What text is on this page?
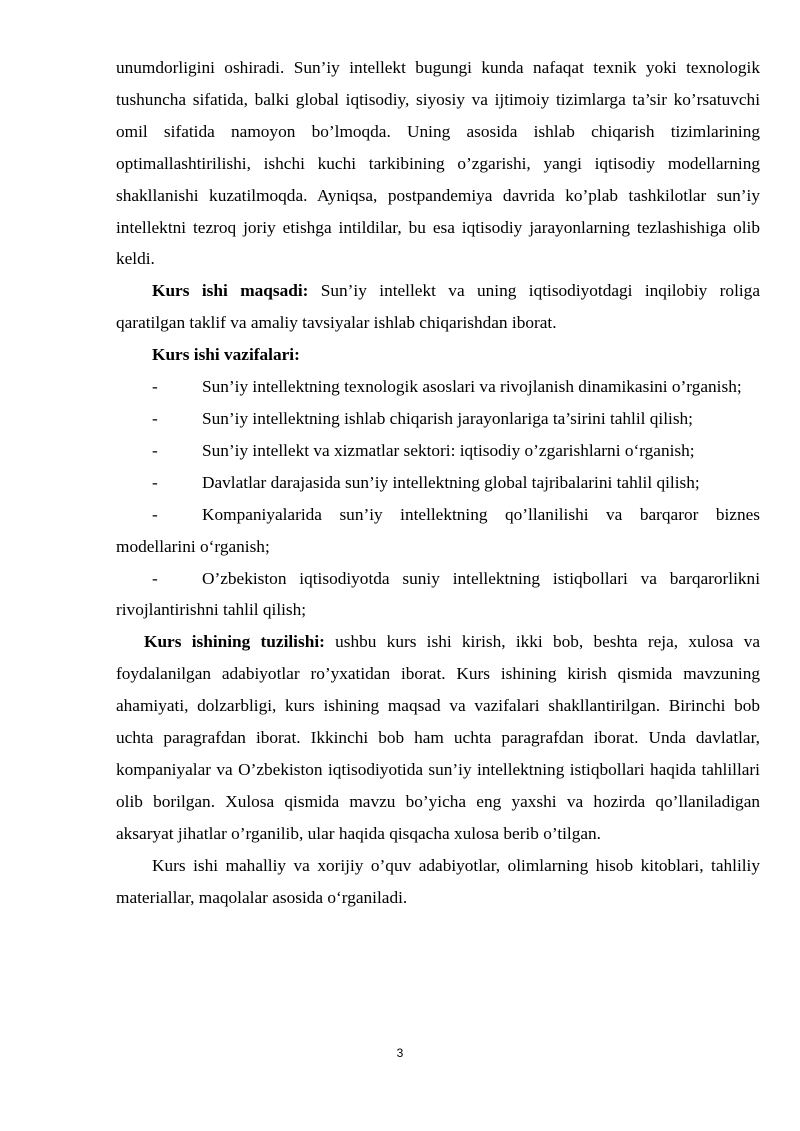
unumdorligini oshiradi. Sun’iy intellekt bugungi kunda nafaqat texnik yoki texnologik tushuncha sifatida, balki global iqtisodiy, siyosiy va ijtimoiy tizimlarga ta’sir ko’rsatuvchi omil sifatida namoyon bo’lmoqda. Uning asosida ishlab chiqarish tizimlarining optimallashtirilishi, ishchi kuchi tarkibining o’zgarishi, yangi iqtisodiy modellarning shakllanishi kuzatilmoqda. Ayniqsa, postpandemiya davrida ko’plab tashkilotlar sun’iy intellektni tezroq joriy etishga intildilar, bu esa iqtisodiy jarayonlarning tezlashishiga olib keldi.

Kurs ishi maqsadi: Sun’iy intellekt va uning iqtisodiyotdagi inqilobiy roliga qaratilgan taklif va amaliy tavsiyalar ishlab chiqarishdan iborat.

Kurs ishi vazifalari:

-	Sun’iy intellektning texnologik asoslari va rivojlanish dinamikasini o’rganish;

-	Sun’iy intellektning ishlab chiqarish jarayonlariga ta’sirini tahlil qilish;

-	Sun’iy intellekt va xizmatlar sektori: iqtisodiy o’zgarishlarni o‘rganish;

-	Davlatlar darajasida sun’iy intellektning global tajribalarini tahlil qilish;

-	Kompaniyalarida sun’iy intellektning qo’llanilishi va barqaror biznes modellarini o‘rganish;

-	O’zbekiston iqtisodiyotda suniy intellektning istiqbollari va barqarorlikni rivojlantirishni tahlil qilish;

Kurs ishining tuzilishi: ushbu kurs ishi kirish, ikki bob, beshta reja, xulosa va foydalanilgan adabiyotlar ro’yxatidan iborat. Kurs ishining kirish qismida mavzuning ahamiyati, dolzarbligi, kurs ishining maqsad va vazifalari shakllantirilgan. Birinchi bob uchta paragrafdan iborat. Ikkinchi bob ham uchta paragrafdan iborat. Unda davlatlar, kompaniyalar va O’zbekiston iqtisodiyotida sun’iy intellektning istiqbollari haqida tahlillari olib borilgan. Xulosa qismida mavzu bo’yicha eng yaxshi va hozirda qo’llaniladigan aksaryat jihatlar o’rganilib, ular haqida qisqacha xulosa berib o’tilgan.

Kurs ishi mahalliy va xorijiy o’quv adabiyotlar, olimlarning hisob kitoblari, tahliliy materiallar, maqolalar asosida o‘rganiladi.

3
